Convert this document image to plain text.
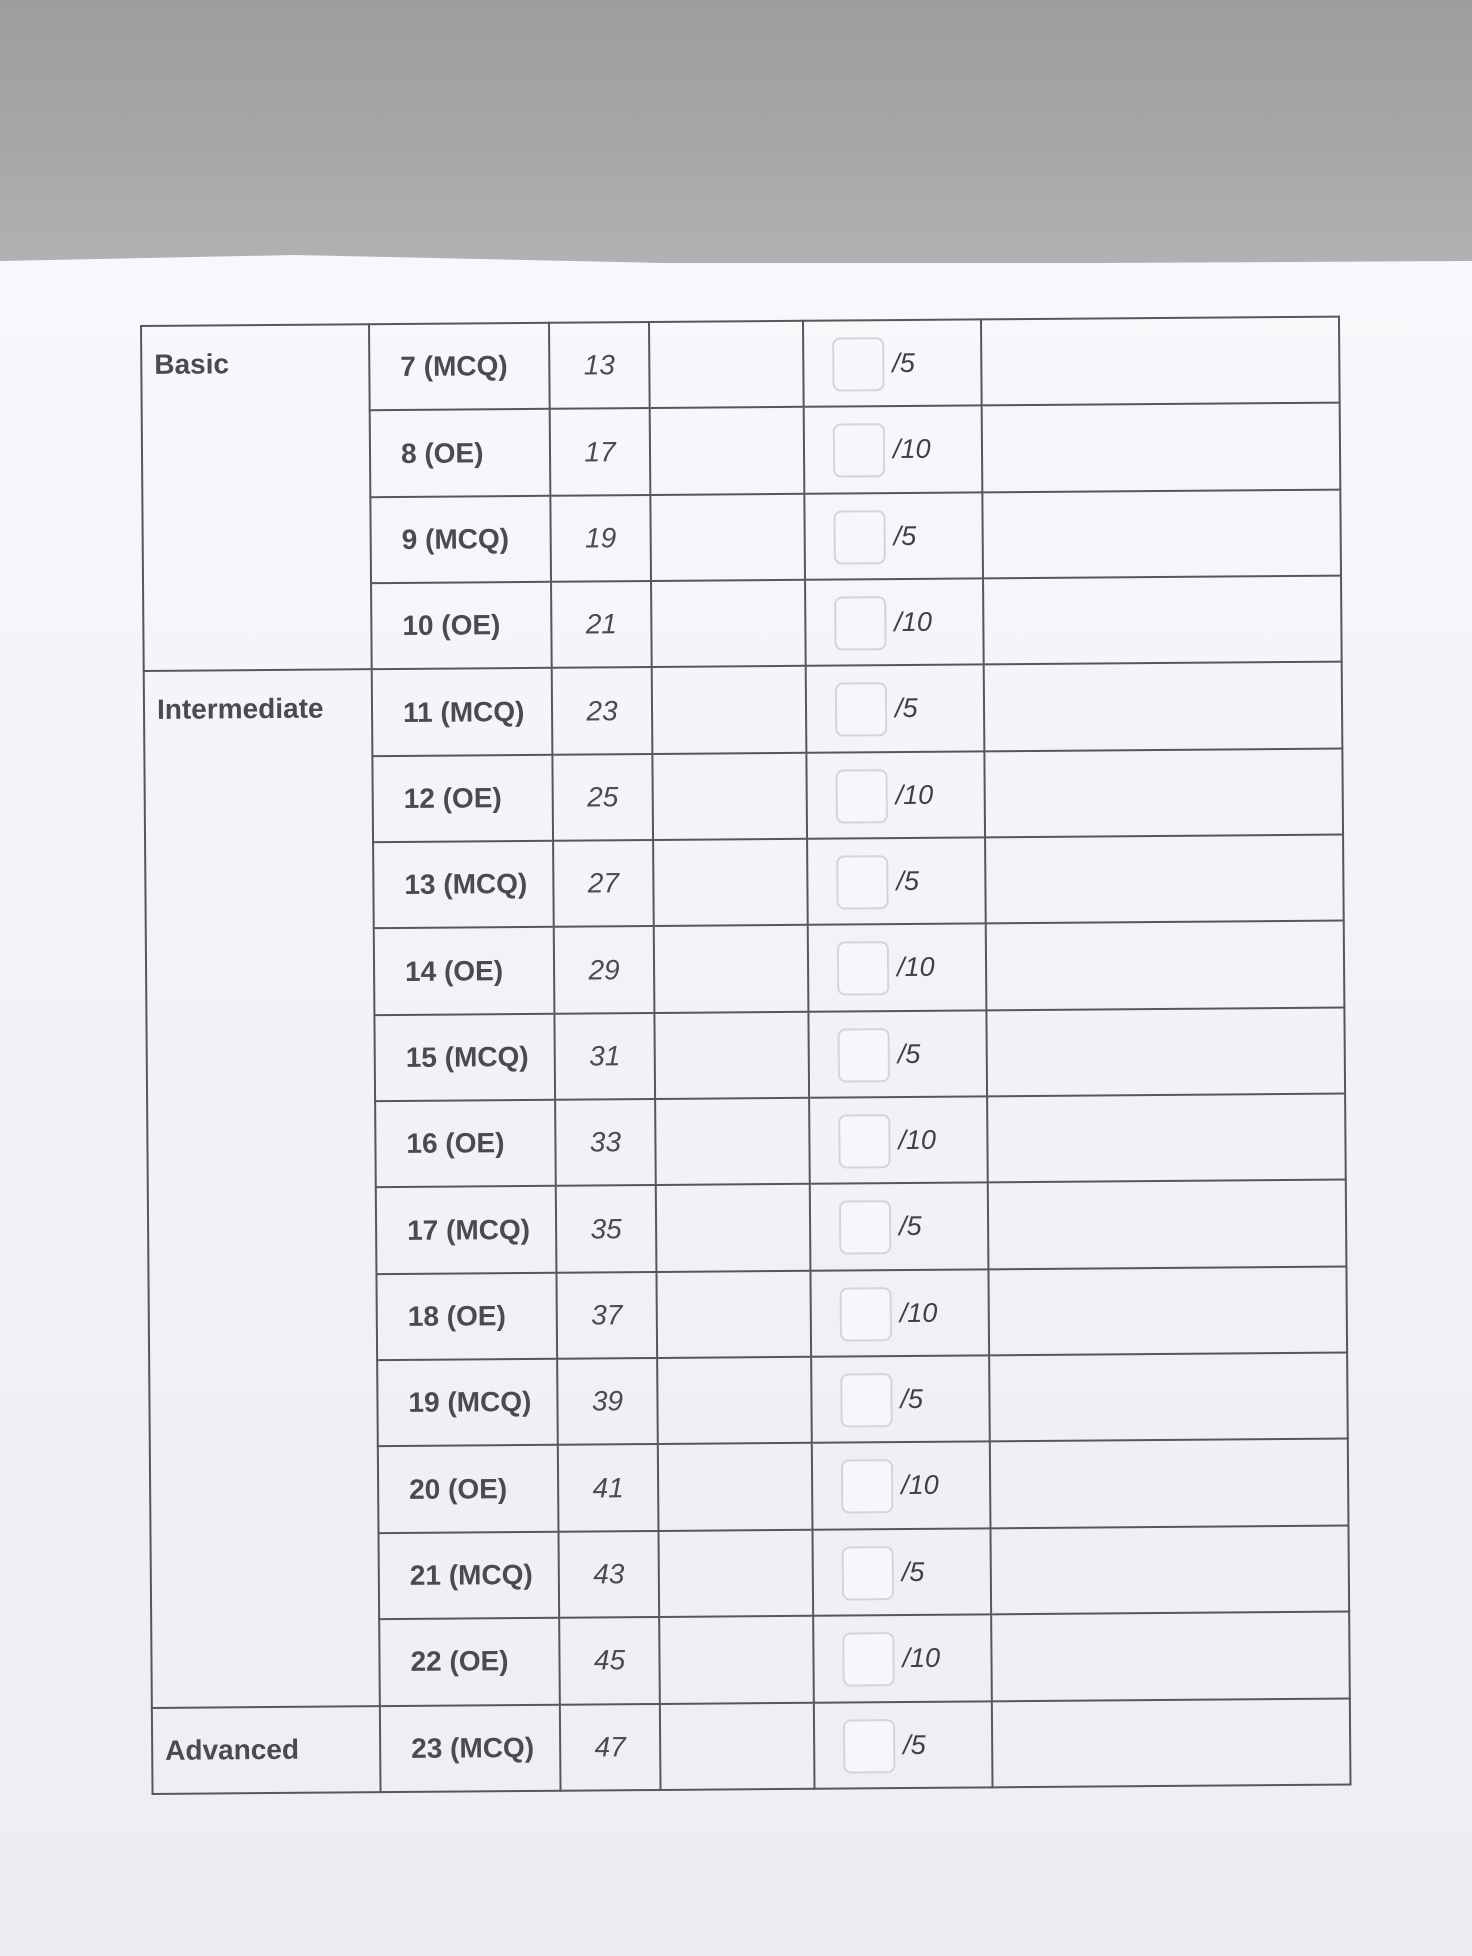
Basic	7 (MCQ)	13		/5	

	8 (OE)	17		/10	

	9 (MCQ)	19		/5	

	10 (OE)	21		/10	

Intermediate	11 (MCQ)	23		/5	

	12 (OE)	25		/10	

	13 (MCQ)	27		/5	

	14 (OE)	29		/10	

	15 (MCQ)	31		/5	

	16 (OE)	33		/10	

	17 (MCQ)	35		/5	

	18 (OE)	37		/10	

	19 (MCQ)	39		/5	

	20 (OE)	41		/10	

	21 (MCQ)	43		/5	

	22 (OE)	45		/10	

Advanced	23 (MCQ)	47		/5	
